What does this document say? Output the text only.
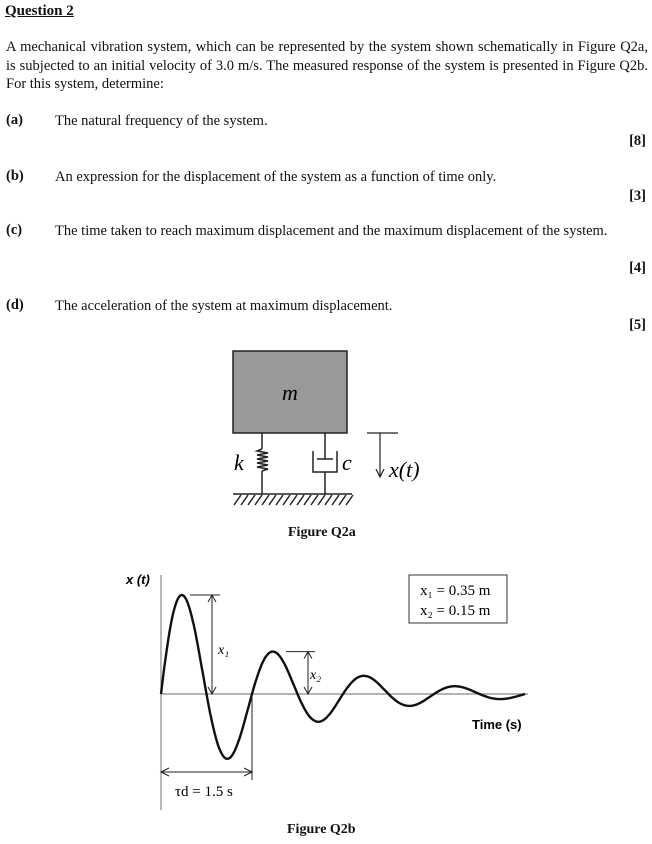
Question 2
A mechanical vibration system, which can be represented by the system shown schematically in Figure Q2a, is subjected to an initial velocity of 3.0 m/s. The measured response of the system is presented in Figure Q2b. For this system, determine:
(a) The natural frequency of the system.
[8]
(b) An expression for the displacement of the system as a function of time only.
[3]
(c) The time taken to reach maximum displacement and the maximum displacement of the system.
[4]
(d) The acceleration of the system at maximum displacement.
[5]
m
k	c x(t)
Figure Q2a
x (t)
Time (s)
x₁ = 0.35 m
x₂ = 0.15 m
x₁
x₂
τd = 1.5 s
Figure Q2b
